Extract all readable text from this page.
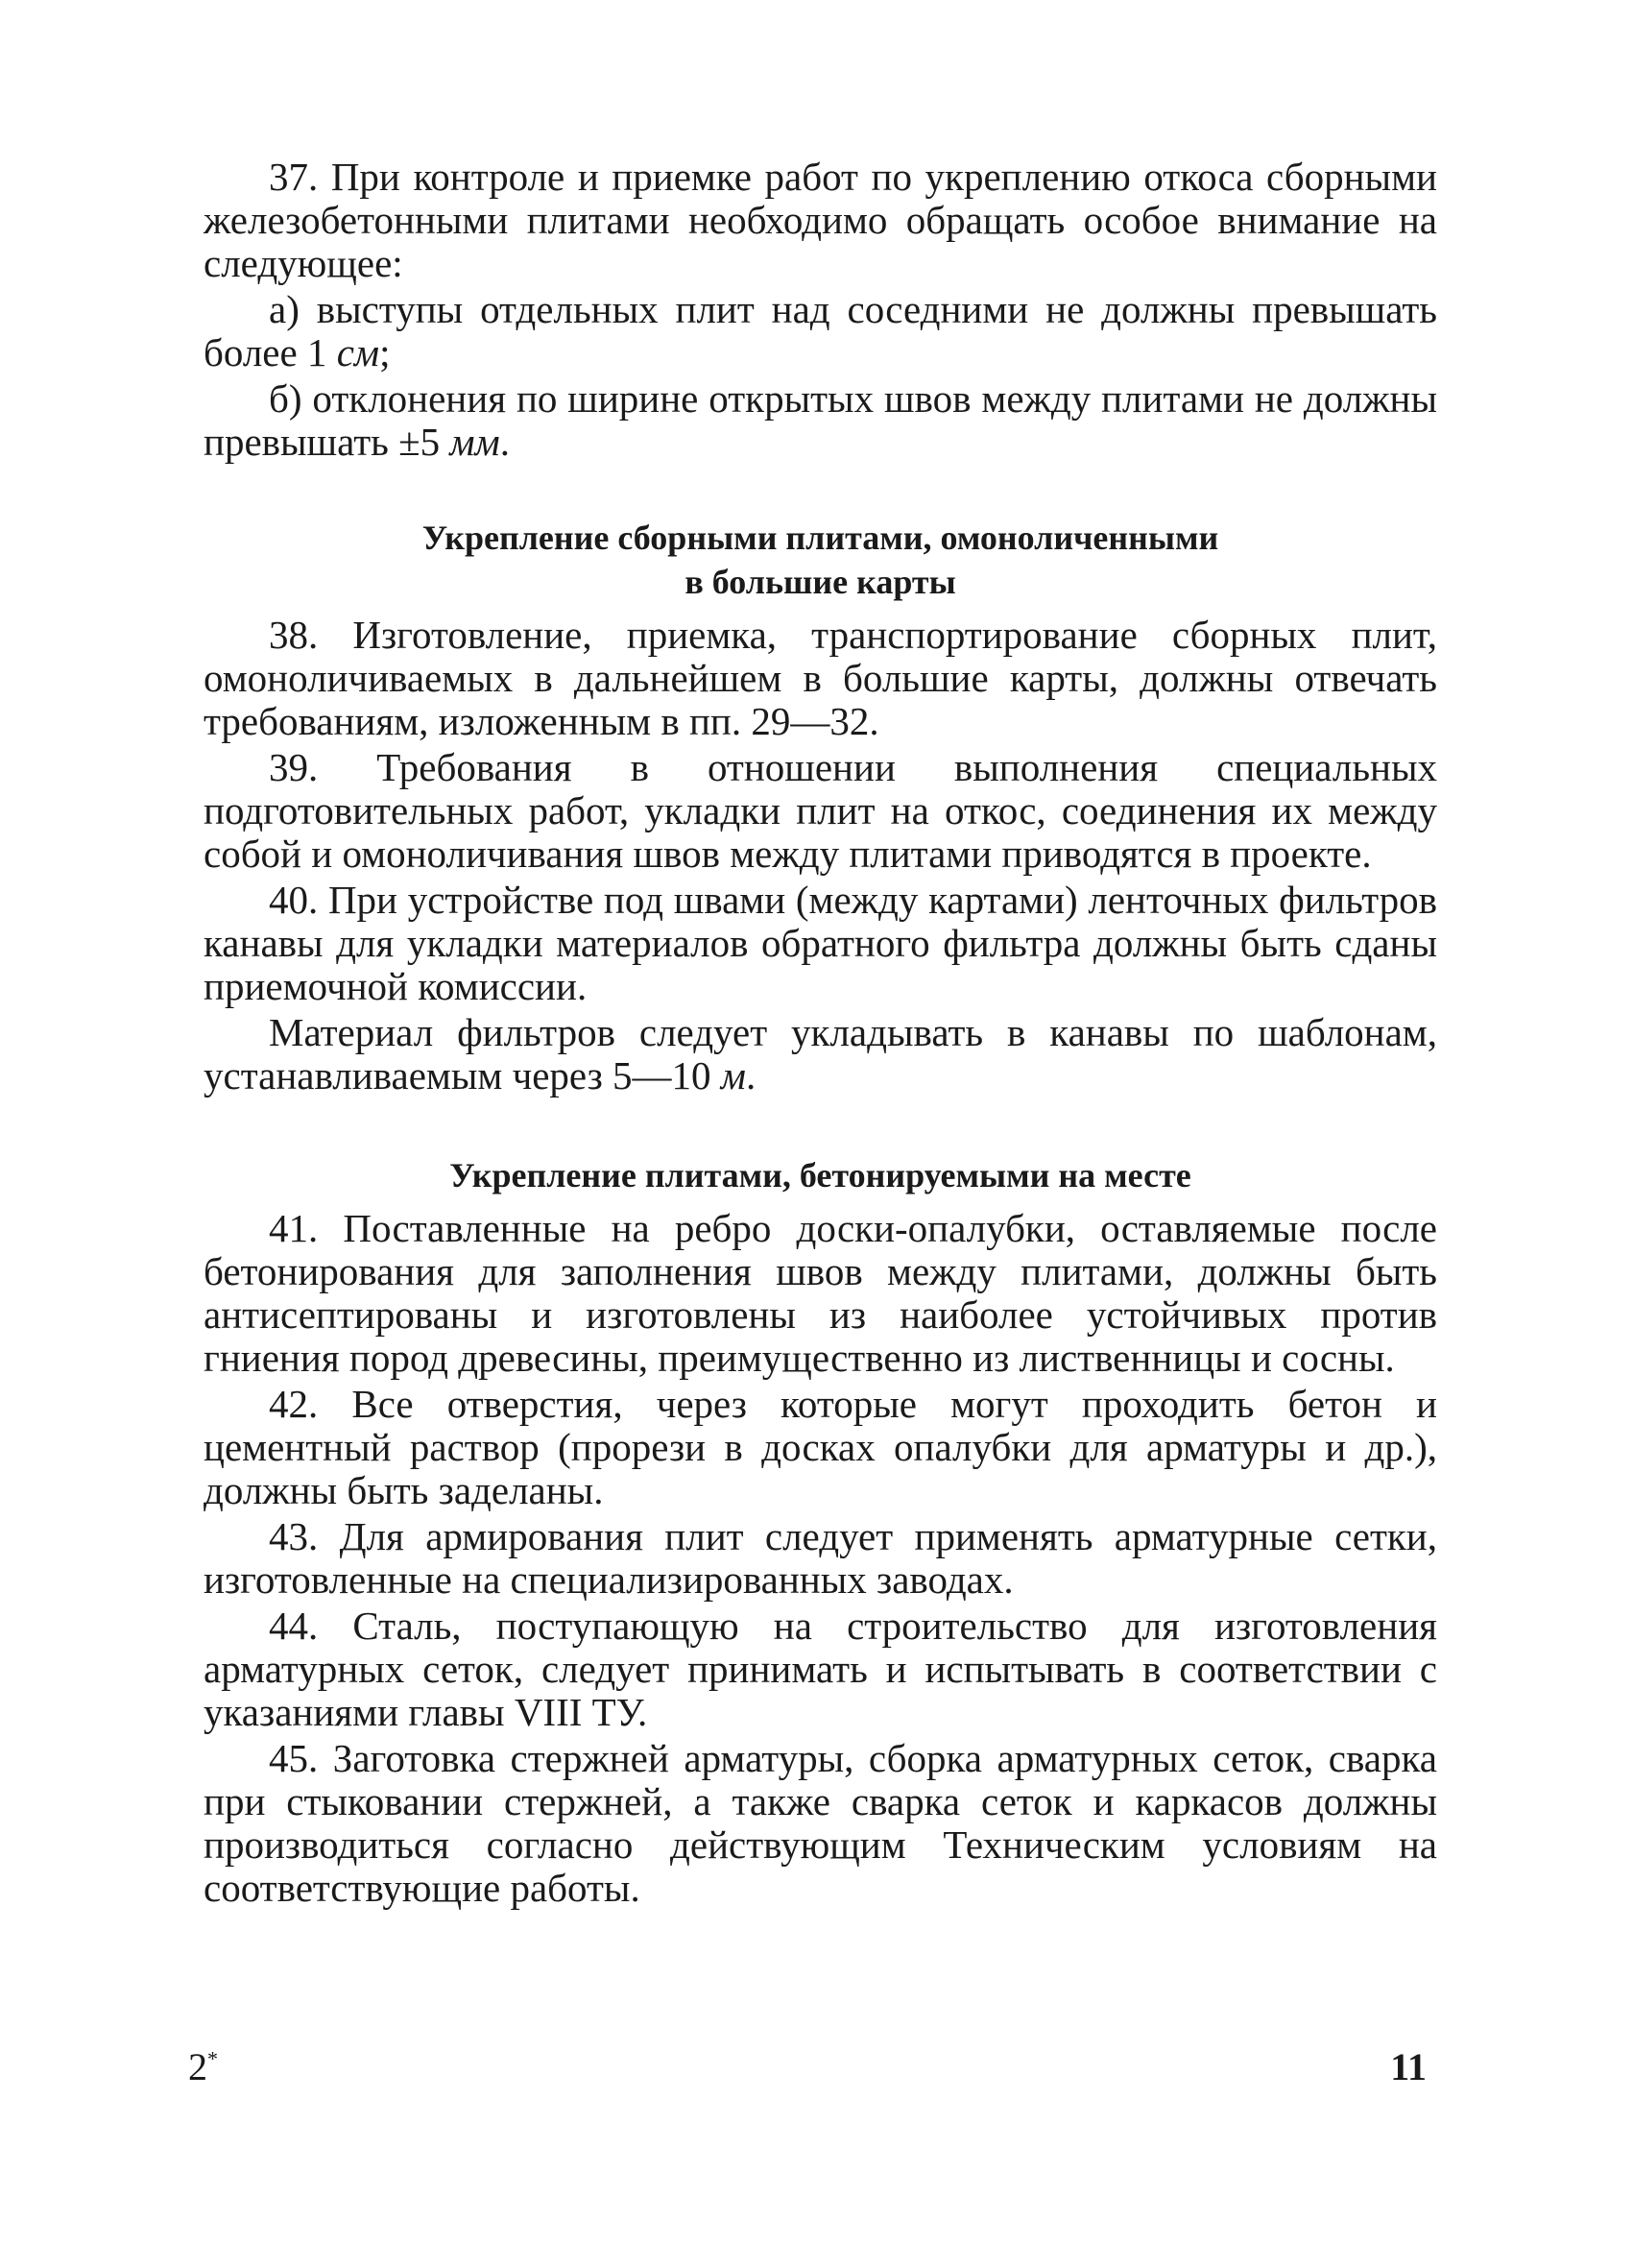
37. При контроле и приемке работ по укреплению откоса сборными железобетонными плитами необходимо обращать особое внимание на следующее:

а) выступы отдельных плит над соседними не должны превышать более 1 см;

б) отклонения по ширине открытых швов между плитами не должны превышать ±5 мм.

Укрепление сборными плитами, омоноличенными
в большие карты

38. Изготовление, приемка, транспортирование сборных плит, омоноличиваемых в дальнейшем в большие карты, должны отвечать требованиям, изложенным в пп. 29—32.

39. Требования в отношении выполнения специальных подготовительных работ, укладки плит на откос, соединения их между собой и омоноличивания швов между плитами приводятся в проекте.

40. При устройстве под швами (между картами) ленточных фильтров канавы для укладки материалов обратного фильтра должны быть сданы приемочной комиссии.

Материал фильтров следует укладывать в канавы по шаблонам, устанавливаемым через 5—10 м.

Укрепление плитами, бетонируемыми на месте

41. Поставленные на ребро доски-опалубки, оставляемые после бетонирования для заполнения швов между плитами, должны быть антисептированы и изготовлены из наиболее устойчивых против гниения пород древесины, преимущественно из лиственницы и сосны.

42. Все отверстия, через которые могут проходить бетон и цементный раствор (прорези в досках опалубки для арматуры и др.), должны быть заделаны.

43. Для армирования плит следует применять арматурные сетки, изготовленные на специализированных заводах.

44. Сталь, поступающую на строительство для изготовления арматурных сеток, следует принимать и испытывать в соответствии с указаниями главы VIII ТУ.

45. Заготовка стержней арматуры, сборка арматурных сеток, сварка при стыковании стержней, а также сварка сеток и каркасов должны производиться согласно действующим Техническим условиям на соответствующие работы.

2*	11
